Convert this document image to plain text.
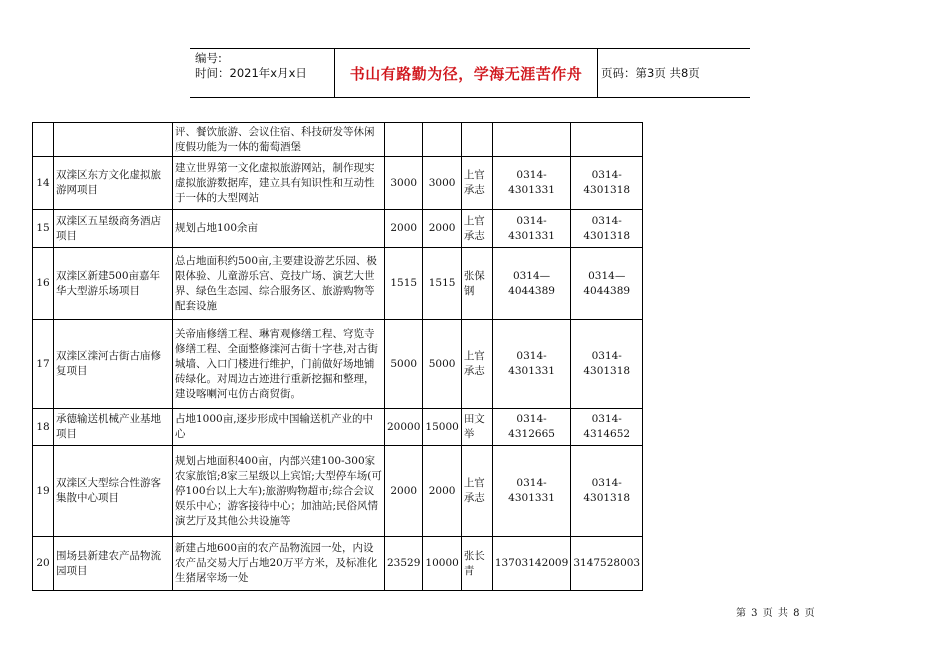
编号:
时间：2021年x月x日	书山有路勤为径，学海无涯苦作舟	页码：第3页 共8页
		评、餐饮旅游、会议住宿、科技研发等休闲度假功能为一体的葡萄酒堡					
14	双滦区东方文化虚拟旅游网项目	建立世界第一文化虚拟旅游网站，制作现实虚拟旅游数据库，建立具有知识性和互动性于一体的大型网站	3000	3000	上官承志	0314-4301331	0314-4301318
15	双滦区五星级商务酒店项目	规划占地100余亩	2000	2000	上官承志	0314-4301331	0314-4301318
16	双滦区新建500亩嘉年华大型游乐场项目	总占地面积约500亩,主要建设游艺乐园、极限体验、儿童游乐宫、竞技广场、演艺大世界、绿色生态园、综合服务区、旅游购物等配套设施	1515	1515	张保钢	0314—4044389	0314—4044389
17	双滦区滦河古街古庙修复项目	关帝庙修缮工程、琳宵观修缮工程、穹览寺修缮工程、全面整修滦河古街十字巷,对古街城墙、入口门楼进行维护，门前做好场地铺砖绿化。对周边古迹进行重新挖掘和整理，建设喀喇河屯仿古商贸街。	5000	5000	上官承志	0314-4301331	0314-4301318
18	承德输送机械产业基地项目	占地1000亩,逐步形成中国输送机产业的中心	20000	15000	田文举	0314-4312665	0314-4314652
19	双滦区大型综合性游客集散中心项目	规划占地面积400亩，内部兴建100-300家农家旅馆;8家三星级以上宾馆;大型停车场(可停100台以上大车);旅游购物超市;综合会议娱乐中心；游客接待中心；加油站;民俗风情演艺厅及其他公共设施等	2000	2000	上官承志	0314-4301331	0314-4301318
20	围场县新建农产品物流园项目	新建占地600亩的农产品物流园一处，内设农产品交易大厅占地20万平方米，及标准化生猪屠宰场一处	23529	10000	张长青	13703142009	3147528003
第 3 页 共 8 页
